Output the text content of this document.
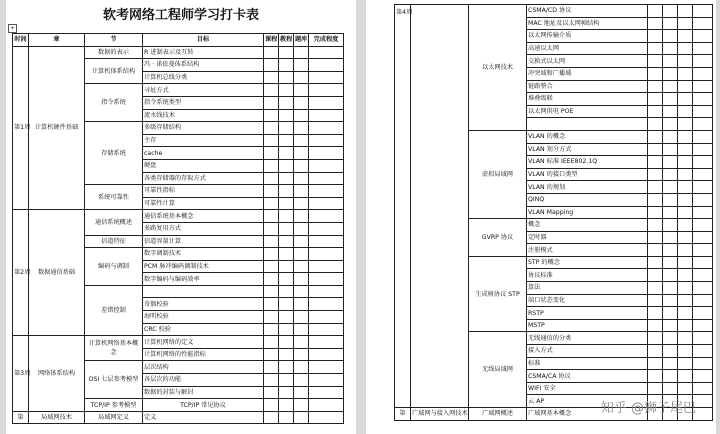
软考网络工程师学习打卡表
+
时间	章	节	目标	课程	教程	题库	完成程度
第1周	计算机硬件基础	数据的表示	R 进制表示及互转				
		计算机体系结构	冯 · 诺依曼体系结构				
			计算机总线分类				
		指令系统	寻址方式				
			指令系统类型				
			流水线技术				
		存储系统	多级存储结构				
			主存				
			cache				
			硬盘				
			各类存储器的存取方式				
		系统可靠性	可靠性指标				
			可靠性计算				
第2周	数据通信基础	通信系统概述	通信系统基本概念				
			多路复用方式				
		信道特征	信道容量计算				
		编码与调制	数字调制技术				
			PCM 脉冲编码调制技术				
			数字编码与编码效率				
		差错控制					
			奇偶校验				
			海明校验				
			CRC 校验				
第3周	网络体系结构	计算机网络基本概念	计算机网络的定义				
			计算机网络的性能指标				
		OSI 七层参考模型	层次结构				
			各层次的功能				
			数据的封装与解封				
		TCP/IP 参考模型	TCP/IP 常见协议				
第	局域网技术	局域网定义	定义				
第4周		以太网技术	CSMA/CD 协议				
			MAC 地址及以太网帧结构				
			以太网传输介质				
			高速以太网				
			交换式以太网				
			冲突域和广播域				
			链路整合				
			堆叠级联				
			以太网供电 POE				

		虚拟局域网	VLAN 的概念				
			VLAN 划分方式				
			VLAN 标准 IEEE802.1Q				
			VLAN 的接口类型				
			VLAN 的规划				
			QINQ				
			VLAN Mapping				
		GVRP 协议	概念				
			定时器				
			注册模式				
		生成树协议 STP	STP 的概念				
			协议标准				
			算法				
			端口状态变化				
			RSTP				
			MSTP				
		无线局域网	无线通信的分类				
			接入方式				
			标准				
			CSMA/CA 协议				
			WIFI 安全				
			云 AP				
第	广域网与接入网技术	广域网概述	广域网基本概念				知乎 @狮子尾巴
